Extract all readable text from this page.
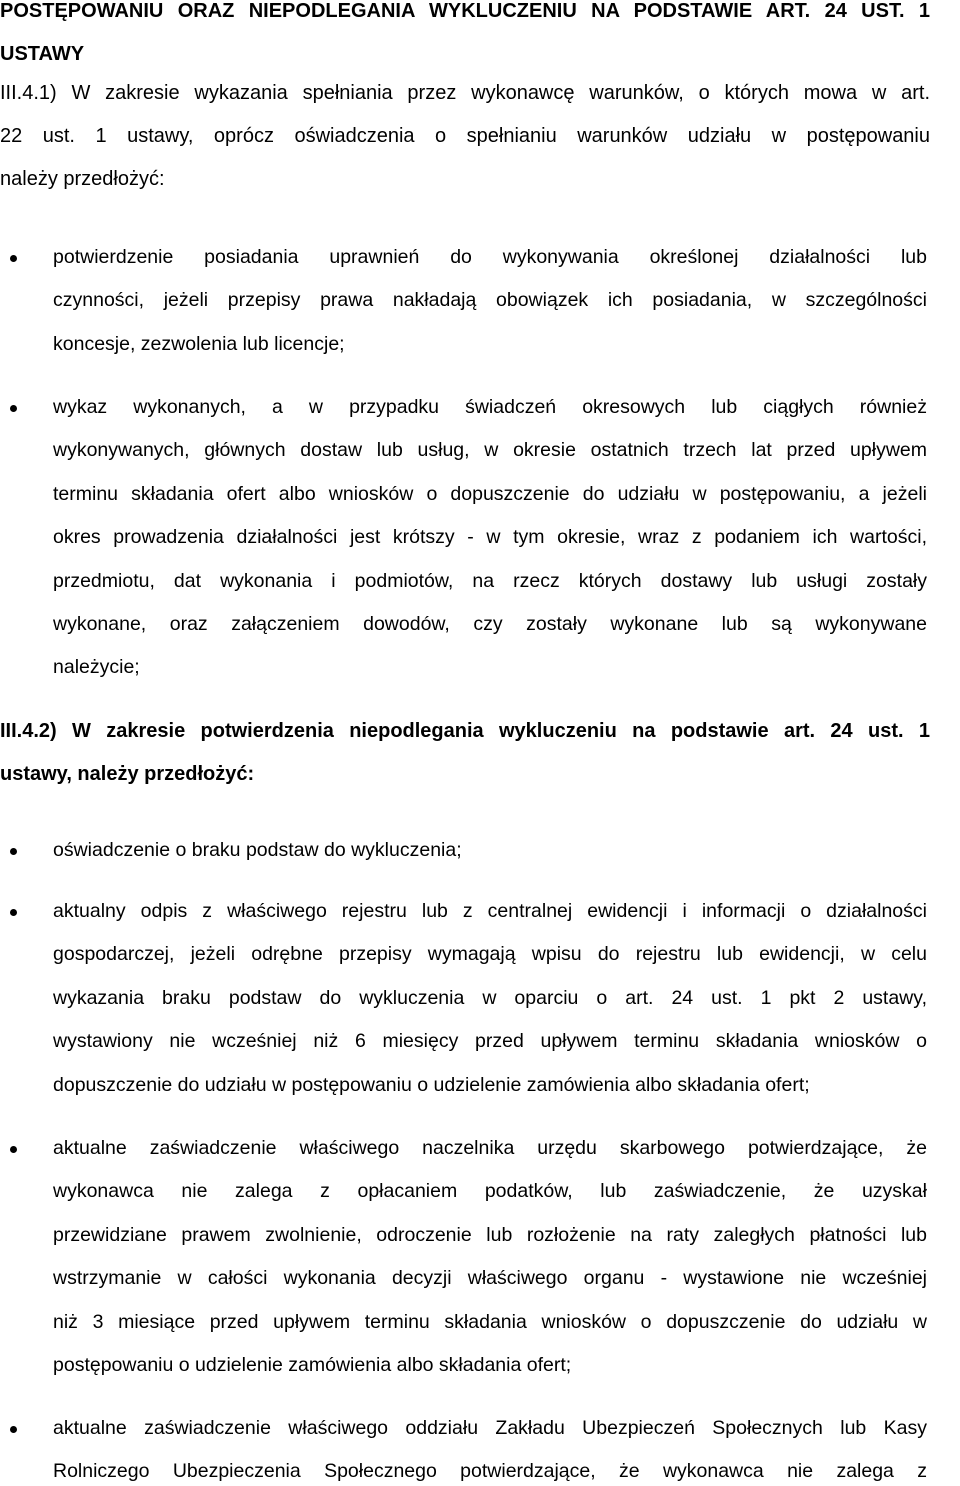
POSTĘPOWANIU ORAZ NIEPODLEGANIA WYKLUCZENIU NA PODSTAWIE ART. 24 UST. 1
USTAWY
III.4.1) W zakresie wykazania spełniania przez wykonawcę warunków, o których mowa w art.
22 ust. 1 ustawy, oprócz oświadczenia o spełnianiu warunków udziału w postępowaniu
należy przedłożyć:
potwierdzenie posiadania uprawnień do wykonywania określonej działalności lub
czynności, jeżeli przepisy prawa nakładają obowiązek ich posiadania, w szczególności
koncesje, zezwolenia lub licencje;
wykaz wykonanych, a w przypadku świadczeń okresowych lub ciągłych również
wykonywanych, głównych dostaw lub usług, w okresie ostatnich trzech lat przed upływem
terminu składania ofert albo wniosków o dopuszczenie do udziału w postępowaniu, a jeżeli
okres prowadzenia działalności jest krótszy - w tym okresie, wraz z podaniem ich wartości,
przedmiotu, dat wykonania i podmiotów, na rzecz których dostawy lub usługi zostały
wykonane, oraz załączeniem dowodów, czy zostały wykonane lub są wykonywane
należycie;
III.4.2) W zakresie potwierdzenia niepodlegania wykluczeniu na podstawie art. 24 ust. 1
ustawy, należy przedłożyć:
oświadczenie o braku podstaw do wykluczenia;
aktualny odpis z właściwego rejestru lub z centralnej ewidencji i informacji o działalności
gospodarczej, jeżeli odrębne przepisy wymagają wpisu do rejestru lub ewidencji, w celu
wykazania braku podstaw do wykluczenia w oparciu o art. 24 ust. 1 pkt 2 ustawy,
wystawiony nie wcześniej niż 6 miesięcy przed upływem terminu składania wniosków o
dopuszczenie do udziału w postępowaniu o udzielenie zamówienia albo składania ofert;
aktualne zaświadczenie właściwego naczelnika urzędu skarbowego potwierdzające, że
wykonawca nie zalega z opłacaniem podatków, lub zaświadczenie, że uzyskał
przewidziane prawem zwolnienie, odroczenie lub rozłożenie na raty zaległych płatności lub
wstrzymanie w całości wykonania decyzji właściwego organu - wystawione nie wcześniej
niż 3 miesiące przed upływem terminu składania wniosków o dopuszczenie do udziału w
postępowaniu o udzielenie zamówienia albo składania ofert;
aktualne zaświadczenie właściwego oddziału Zakładu Ubezpieczeń Społecznych lub Kasy
Rolniczego Ubezpieczenia Społecznego potwierdzające, że wykonawca nie zalega z
